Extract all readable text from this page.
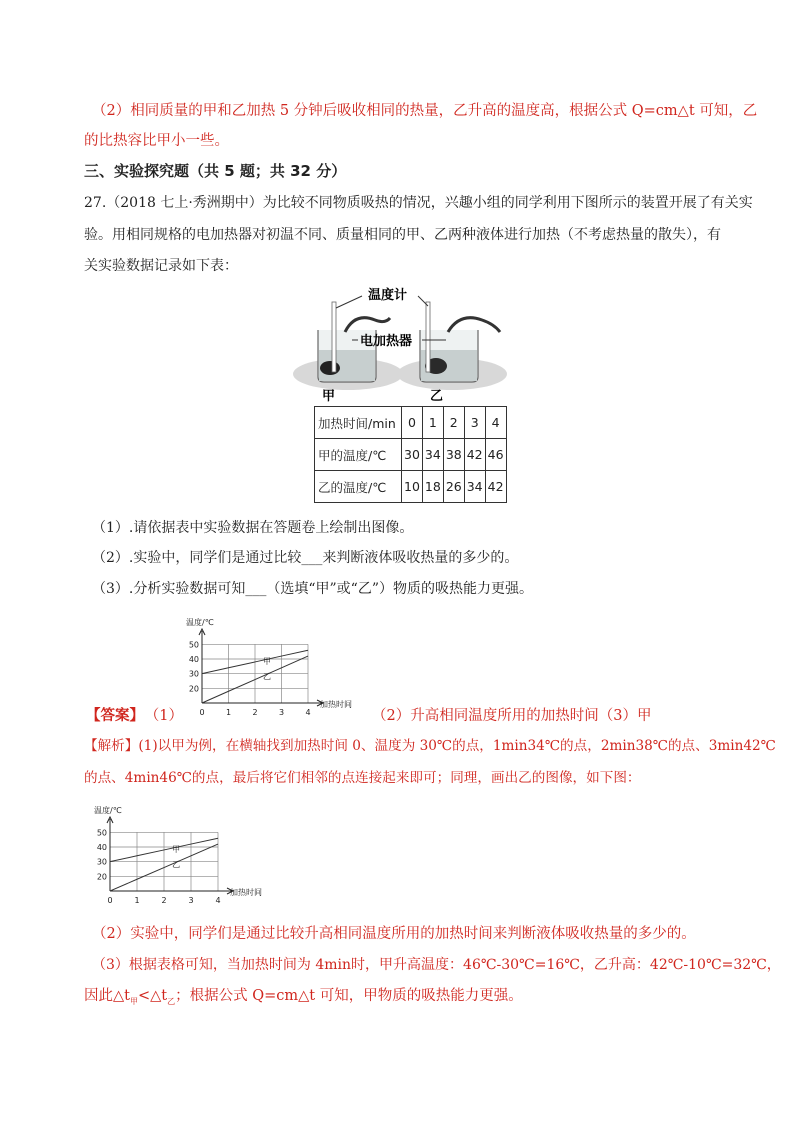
（2）相同质量的甲和乙加热 5 分钟后吸收相同的热量，乙升高的温度高，根据公式 Q=cm△t 可知，乙
的比热容比甲小一些。
三、实验探究题（共 5 题；共 32 分）
27.（2018 七上·秀洲期中）为比较不同物质吸热的情况，兴趣小组的同学利用下图所示的装置开展了有关实
验。用相同规格的电加热器对初温不同、质量相同的甲、乙两种液体进行加热（不考虑热量的散失），有
关实验数据记录如下表：
温度计
电加热器
甲	乙
加热时间/min	0	1	2	3	4
甲的温度/℃	30	34	38	42	46
乙的温度/℃	10	18	26	34	42
（1）.请依据表中实验数据在答题卷上绘制出图像。
（2）.实验中，同学们是通过比较___来判断液体吸收热量的多少的。
（3）.分析实验数据可知___（选填“甲”或“乙”）物质的吸热能力更强。
20
30
40
50
0	1	2	3	4
加热时间
温度/℃
甲
乙
【答案】 （1）	（2）升高相同温度所用的加热时间（3）甲
【解析】(1)以甲为例，在横轴找到加热时间 0、温度为 30℃的点，1min34℃的点，2min38℃的点、3min42℃
的点、4min46℃的点，最后将它们相邻的点连接起来即可；同理，画出乙的图像，如下图：
20
30
40
50
0	1	2	3	4
加热时间
温度/℃
甲
乙
（2）实验中，同学们是通过比较升高相同温度所用的加热时间来判断液体吸收热量的多少的。
（3）根据表格可知，当加热时间为 4min时，甲升高温度：46℃-30℃=16℃，乙升高：42℃-10℃=32℃，
因此$\triangle t_甲<\triangle t_乙$；根据公式 Q=cm△t 可知，甲物质的吸热能力更强。
